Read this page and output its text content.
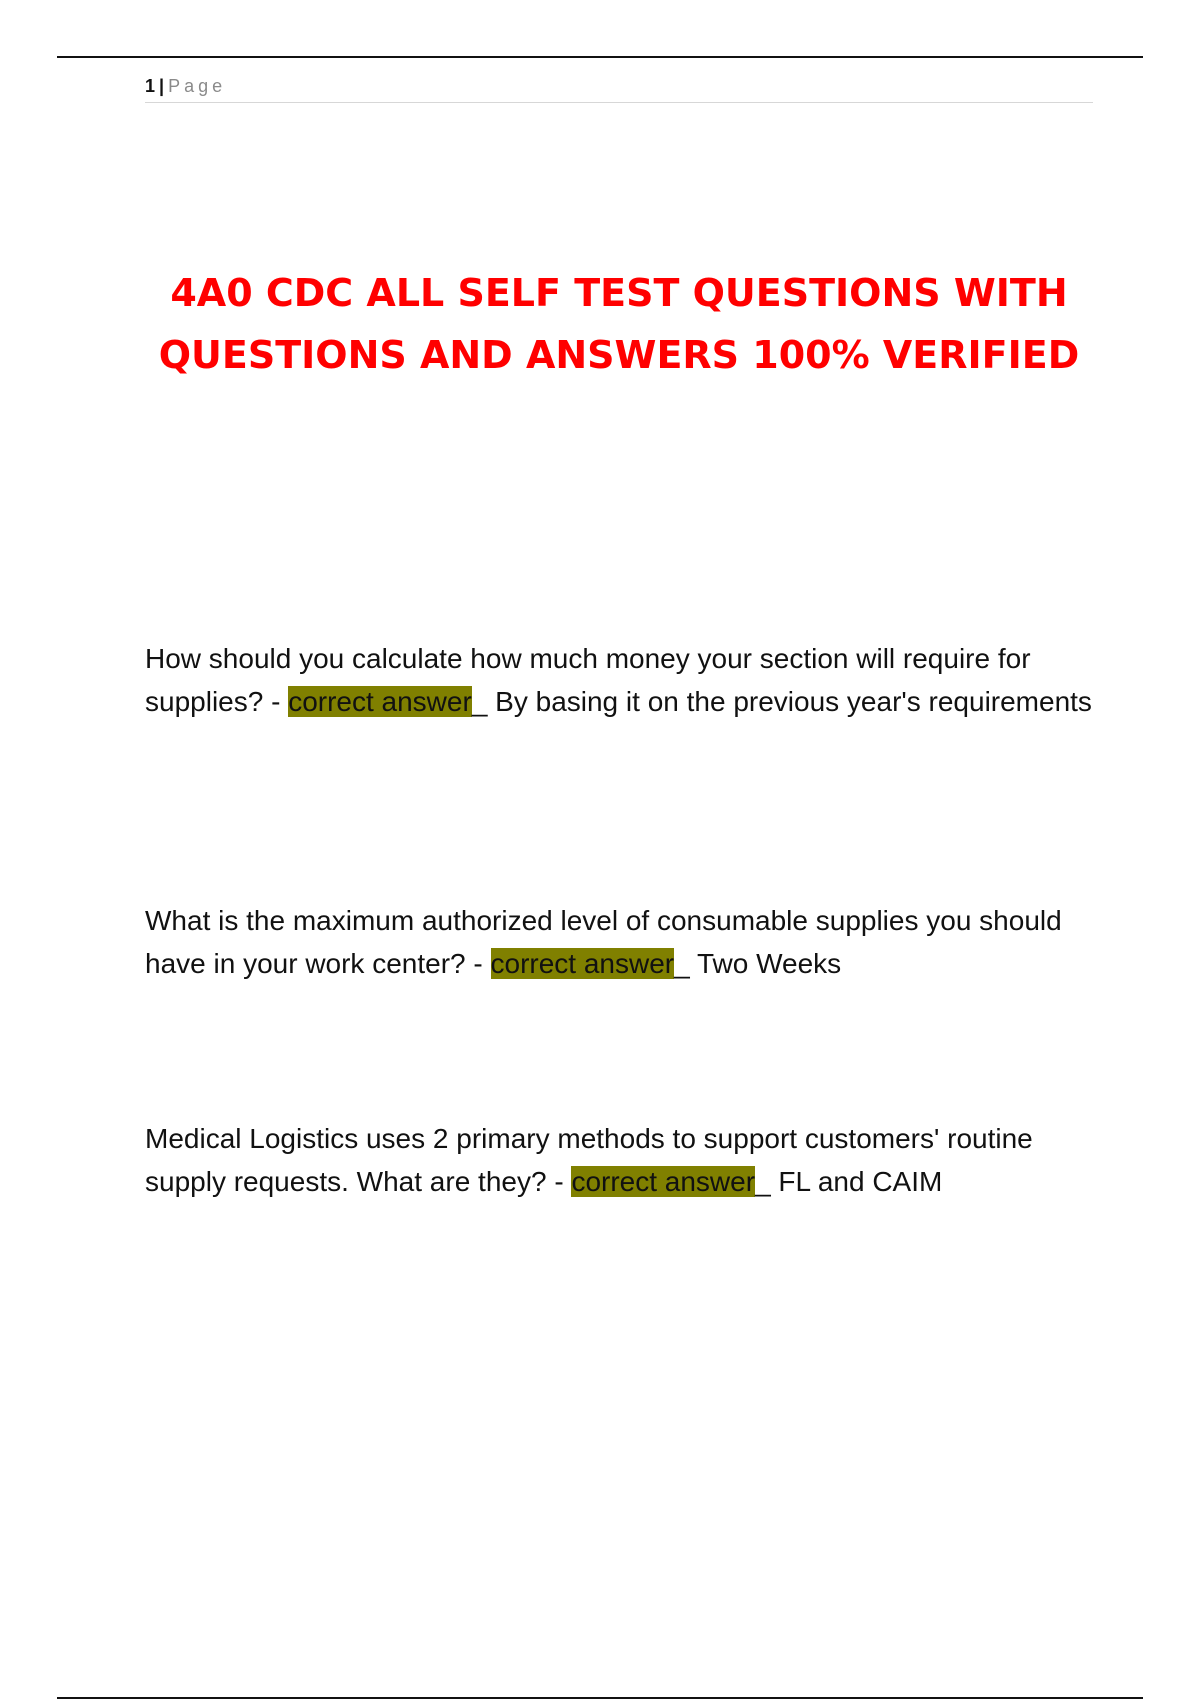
1 | Page
4A0 CDC ALL SELF TEST QUESTIONS WITH QUESTIONS AND ANSWERS 100% VERIFIED

How should you calculate how much money your section will require for supplies? - correct answer_ By basing it on the previous year's requirements

What is the maximum authorized level of consumable supplies you should have in your work center? - correct answer_ Two Weeks

Medical Logistics uses 2 primary methods to support customers' routine supply requests. What are they? - correct answer_ FL and CAIM
